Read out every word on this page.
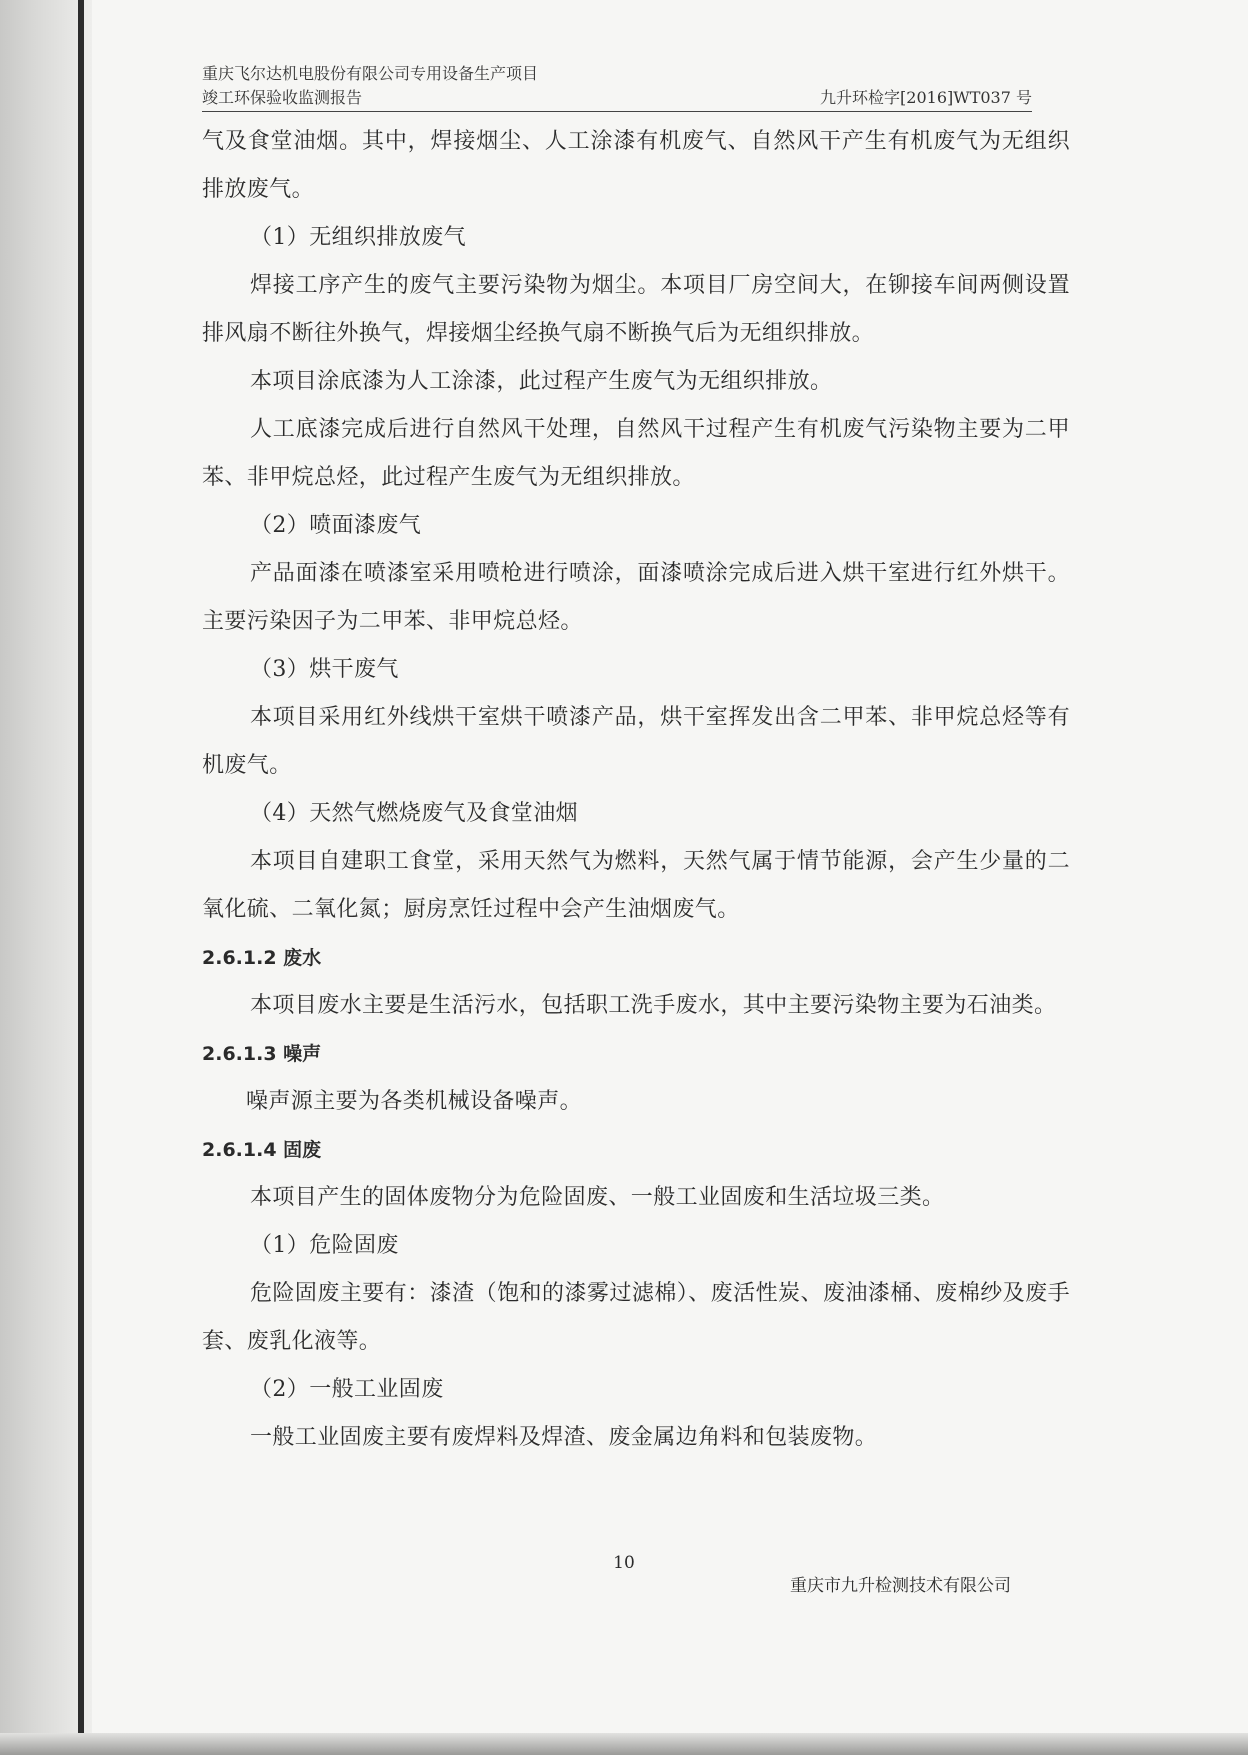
重庆飞尔达机电股份有限公司专用设备生产项目
竣工环保验收监测报告	九升环检字[2016]WT037 号

气及食堂油烟。其中，焊接烟尘、人工涂漆有机废气、自然风干产生有机废气为无组织排放废气。

（1）无组织排放废气

焊接工序产生的废气主要污染物为烟尘。本项目厂房空间大，在铆接车间两侧设置排风扇不断往外换气，焊接烟尘经换气扇不断换气后为无组织排放。

本项目涂底漆为人工涂漆，此过程产生废气为无组织排放。

人工底漆完成后进行自然风干处理，自然风干过程产生有机废气污染物主要为二甲苯、非甲烷总烃，此过程产生废气为无组织排放。

（2）喷面漆废气

产品面漆在喷漆室采用喷枪进行喷涂，面漆喷涂完成后进入烘干室进行红外烘干。主要污染因子为二甲苯、非甲烷总烃。

（3）烘干废气

本项目采用红外线烘干室烘干喷漆产品，烘干室挥发出含二甲苯、非甲烷总烃等有机废气。

（4）天然气燃烧废气及食堂油烟

本项目自建职工食堂，采用天然气为燃料，天然气属于情节能源，会产生少量的二氧化硫、二氧化氮；厨房烹饪过程中会产生油烟废气。

2.6.1.2 废水

本项目废水主要是生活污水，包括职工洗手废水，其中主要污染物主要为石油类。

2.6.1.3 噪声

噪声源主要为各类机械设备噪声。

2.6.1.4 固废

本项目产生的固体废物分为危险固废、一般工业固废和生活垃圾三类。

（1）危险固废

危险固废主要有：漆渣（饱和的漆雾过滤棉）、废活性炭、废油漆桶、废棉纱及废手套、废乳化液等。

（2）一般工业固废

一般工业固废主要有废焊料及焊渣、废金属边角料和包装废物。

10
重庆市九升检测技术有限公司
